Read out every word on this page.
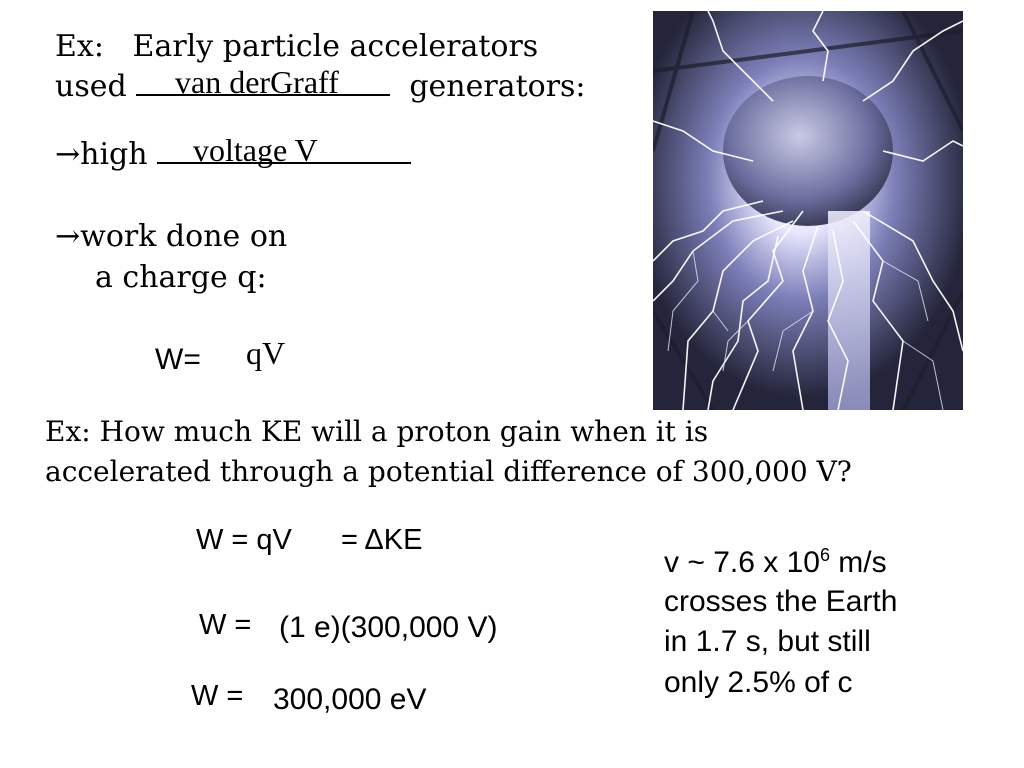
Ex: Early particle accelerators
used	generators:
van derGraff
→high	voltage V
→work done on
a charge q:
W= qV
Ex: How much KE will a proton gain when it is
accelerated through a potential difference of 300,000 V?
W = qV = ΔKE
W = (1 e)(300,000 V)
W = 300,000 eV
v ~ 7.6 x $10^6$ m/s
crosses the Earth
in 1.7 s, but still
only 2.5% of c
